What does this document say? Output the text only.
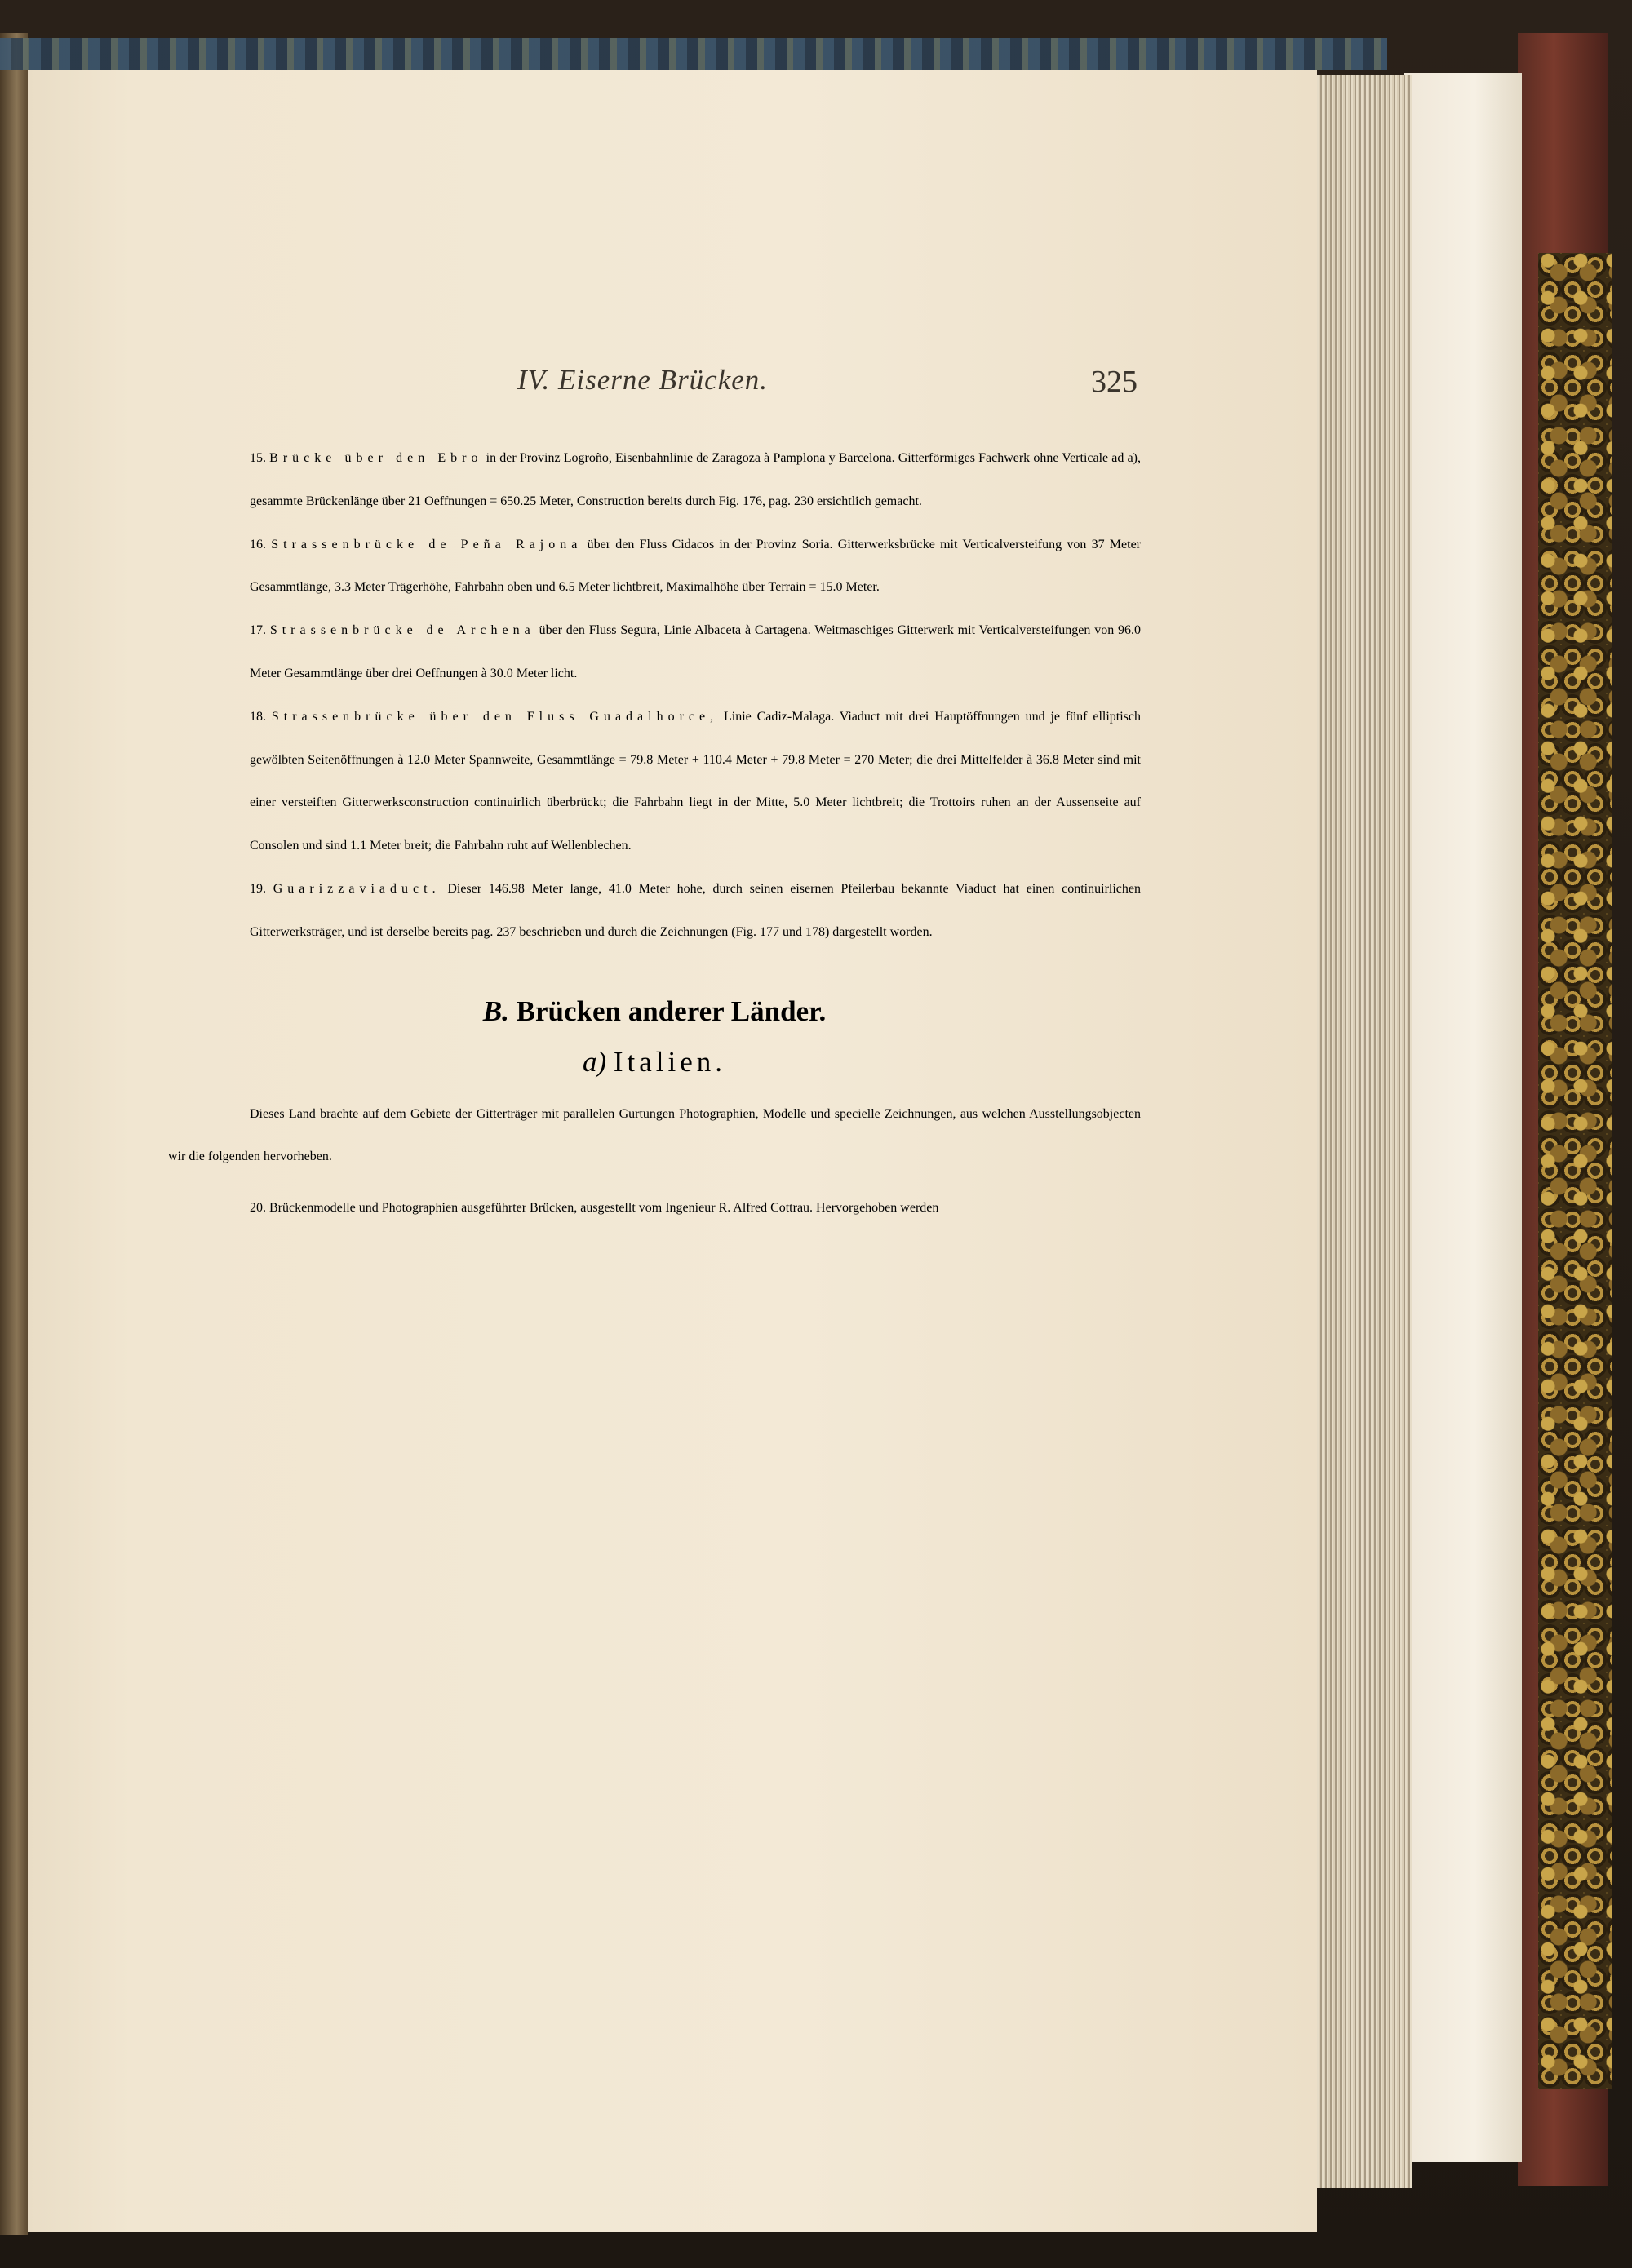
IV. Eiserne Brücken.	325

15. Brücke über den Ebro in der Provinz Logroño, Eisenbahnlinie de Zaragoza à Pamplona y Barcelona. Gitterförmiges Fachwerk ohne Verticale ad a), gesammte Brückenlänge über 21 Oeffnungen = 650.25 Meter, Construction bereits durch Fig. 176, pag. 230 ersichtlich gemacht.

16. Strassenbrücke de Peña Rajona über den Fluss Cidacos in der Provinz Soria. Gitterwerksbrücke mit Verticalversteifung von 37 Meter Gesammtlänge, 3.3 Meter Trägerhöhe, Fahrbahn oben und 6.5 Meter lichtbreit, Maximalhöhe über Terrain = 15.0 Meter.

17. Strassenbrücke de Archena über den Fluss Segura, Linie Albaceta à Cartagena. Weitmaschiges Gitterwerk mit Verticalversteifungen von 96.0 Meter Gesammtlänge über drei Oeffnungen à 30.0 Meter licht.

18. Strassenbrücke über den Fluss Guadalhorce, Linie Cadiz-Malaga. Viaduct mit drei Hauptöffnungen und je fünf elliptisch gewölbten Seitenöffnungen à 12.0 Meter Spannweite, Gesammtlänge = 79.8 Meter + 110.4 Meter + 79.8 Meter = 270 Meter; die drei Mittelfelder à 36.8 Meter sind mit einer versteiften Gitterwerksconstruction continuirlich überbrückt; die Fahrbahn liegt in der Mitte, 5.0 Meter lichtbreit; die Trottoirs ruhen an der Aussenseite auf Consolen und sind 1.1 Meter breit; die Fahrbahn ruht auf Wellenblechen.

19. Guarizzaviaduct. Dieser 146.98 Meter lange, 41.0 Meter hohe, durch seinen eisernen Pfeilerbau bekannte Viaduct hat einen continuirlichen Gitterwerksträger, und ist derselbe bereits pag. 237 beschrieben und durch die Zeichnungen (Fig. 177 und 178) dargestellt worden.

B. Brücken anderer Länder.
a) Italien.

Dieses Land brachte auf dem Gebiete der Gitterträger mit parallelen Gurtungen Photographien, Modelle und specielle Zeichnungen, aus welchen Ausstellungsobjecten wir die folgenden hervorheben.

20. Brückenmodelle und Photographien ausgeführter Brücken, ausgestellt vom Ingenieur R. Alfred Cottrau. Hervorgehoben werden
